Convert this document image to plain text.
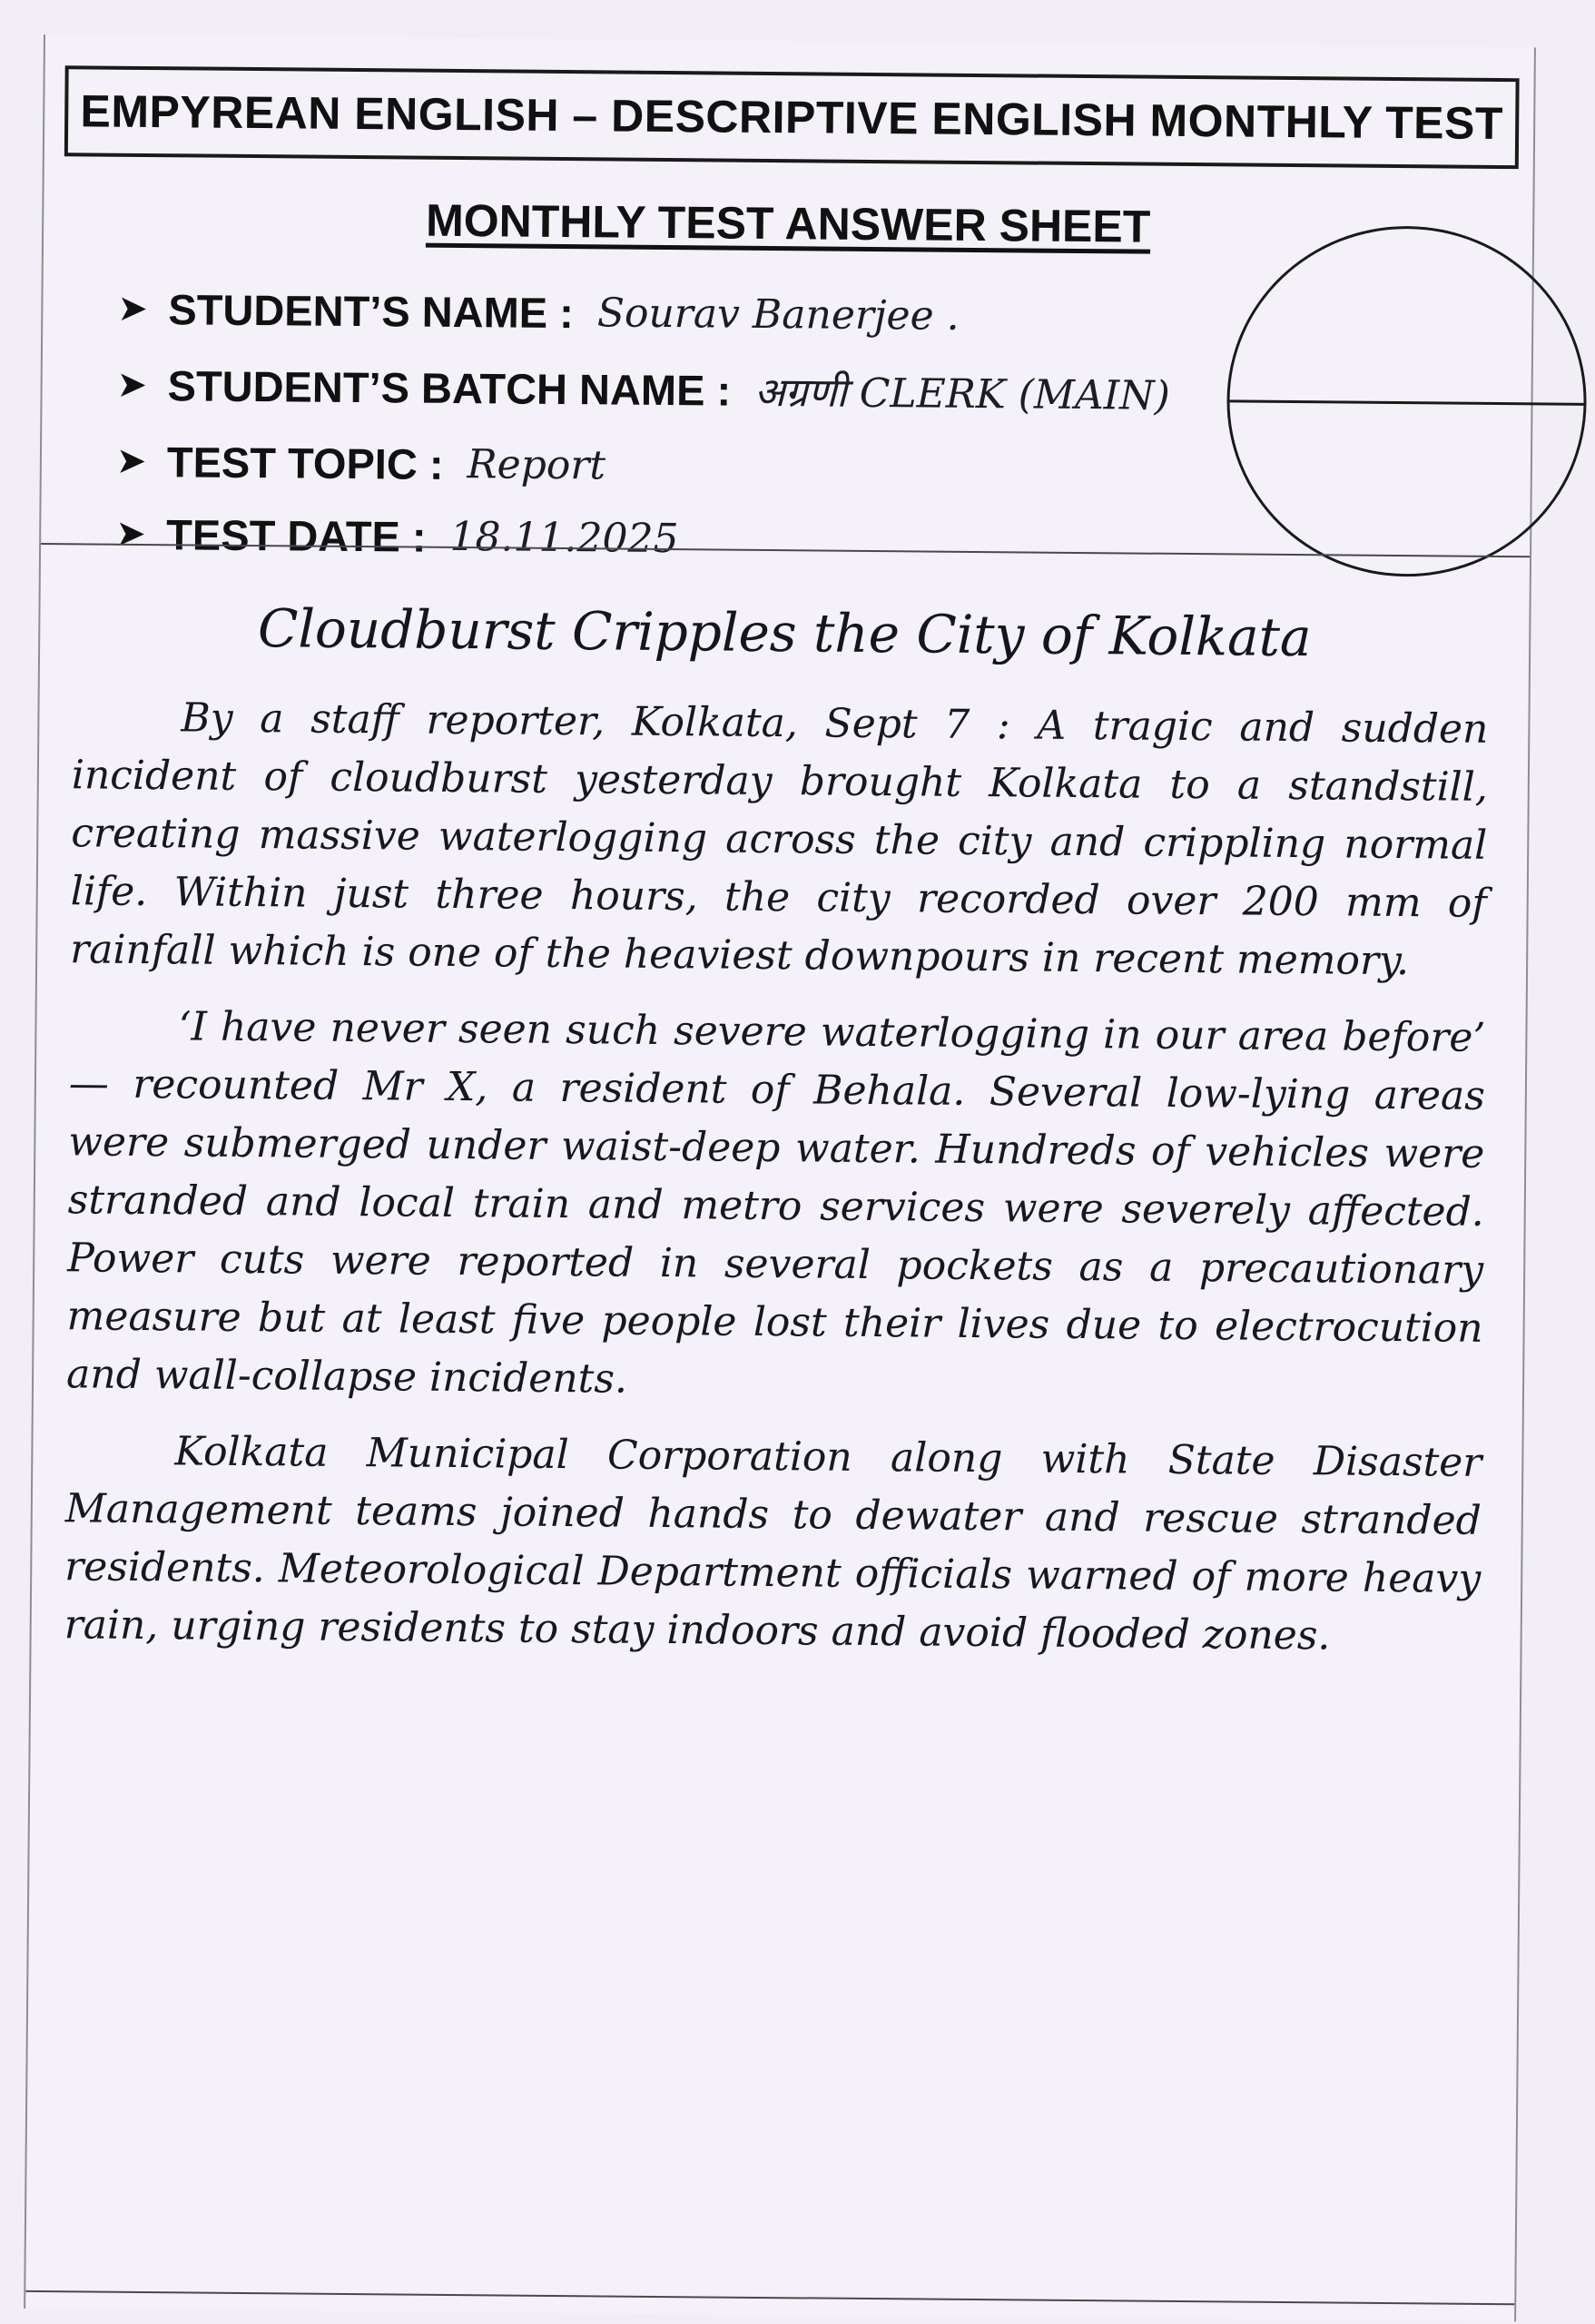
EMPYREAN ENGLISH – DESCRIPTIVE ENGLISH MONTHLY TEST
MONTHLY TEST ANSWER SHEET
➤ STUDENT’S NAME : Sourav Banerjee .
➤ STUDENT’S BATCH NAME : अग्रणी CLERK (MAIN)
➤ TEST TOPIC : Report
➤ TEST DATE : 18.11.2025
Cloudburst Cripples the City of Kolkata

By a staff reporter, Kolkata, Sept 7 : A tragic and sudden incident of cloudburst yesterday brought Kolkata to a standstill, creating massive waterlogging across the city and crippling normal life. Within just three hours, the city recorded over 200 mm of rainfall which is one of the heaviest downpours in recent memory.

‘I have never seen such severe waterlogging in our area before’ — recounted Mr X, a resident of Behala. Several low-lying areas were submerged under waist-deep water. Hundreds of vehicles were stranded and local train and metro services were severely affected. Power cuts were reported in several pockets as a precautionary measure but at least five people lost their lives due to electrocution and wall-collapse incidents.

Kolkata Municipal Corporation along with State Disaster Management teams joined hands to dewater and rescue stranded residents. Meteorological Department officials warned of more heavy rain, urging residents to stay indoors and avoid flooded zones.
